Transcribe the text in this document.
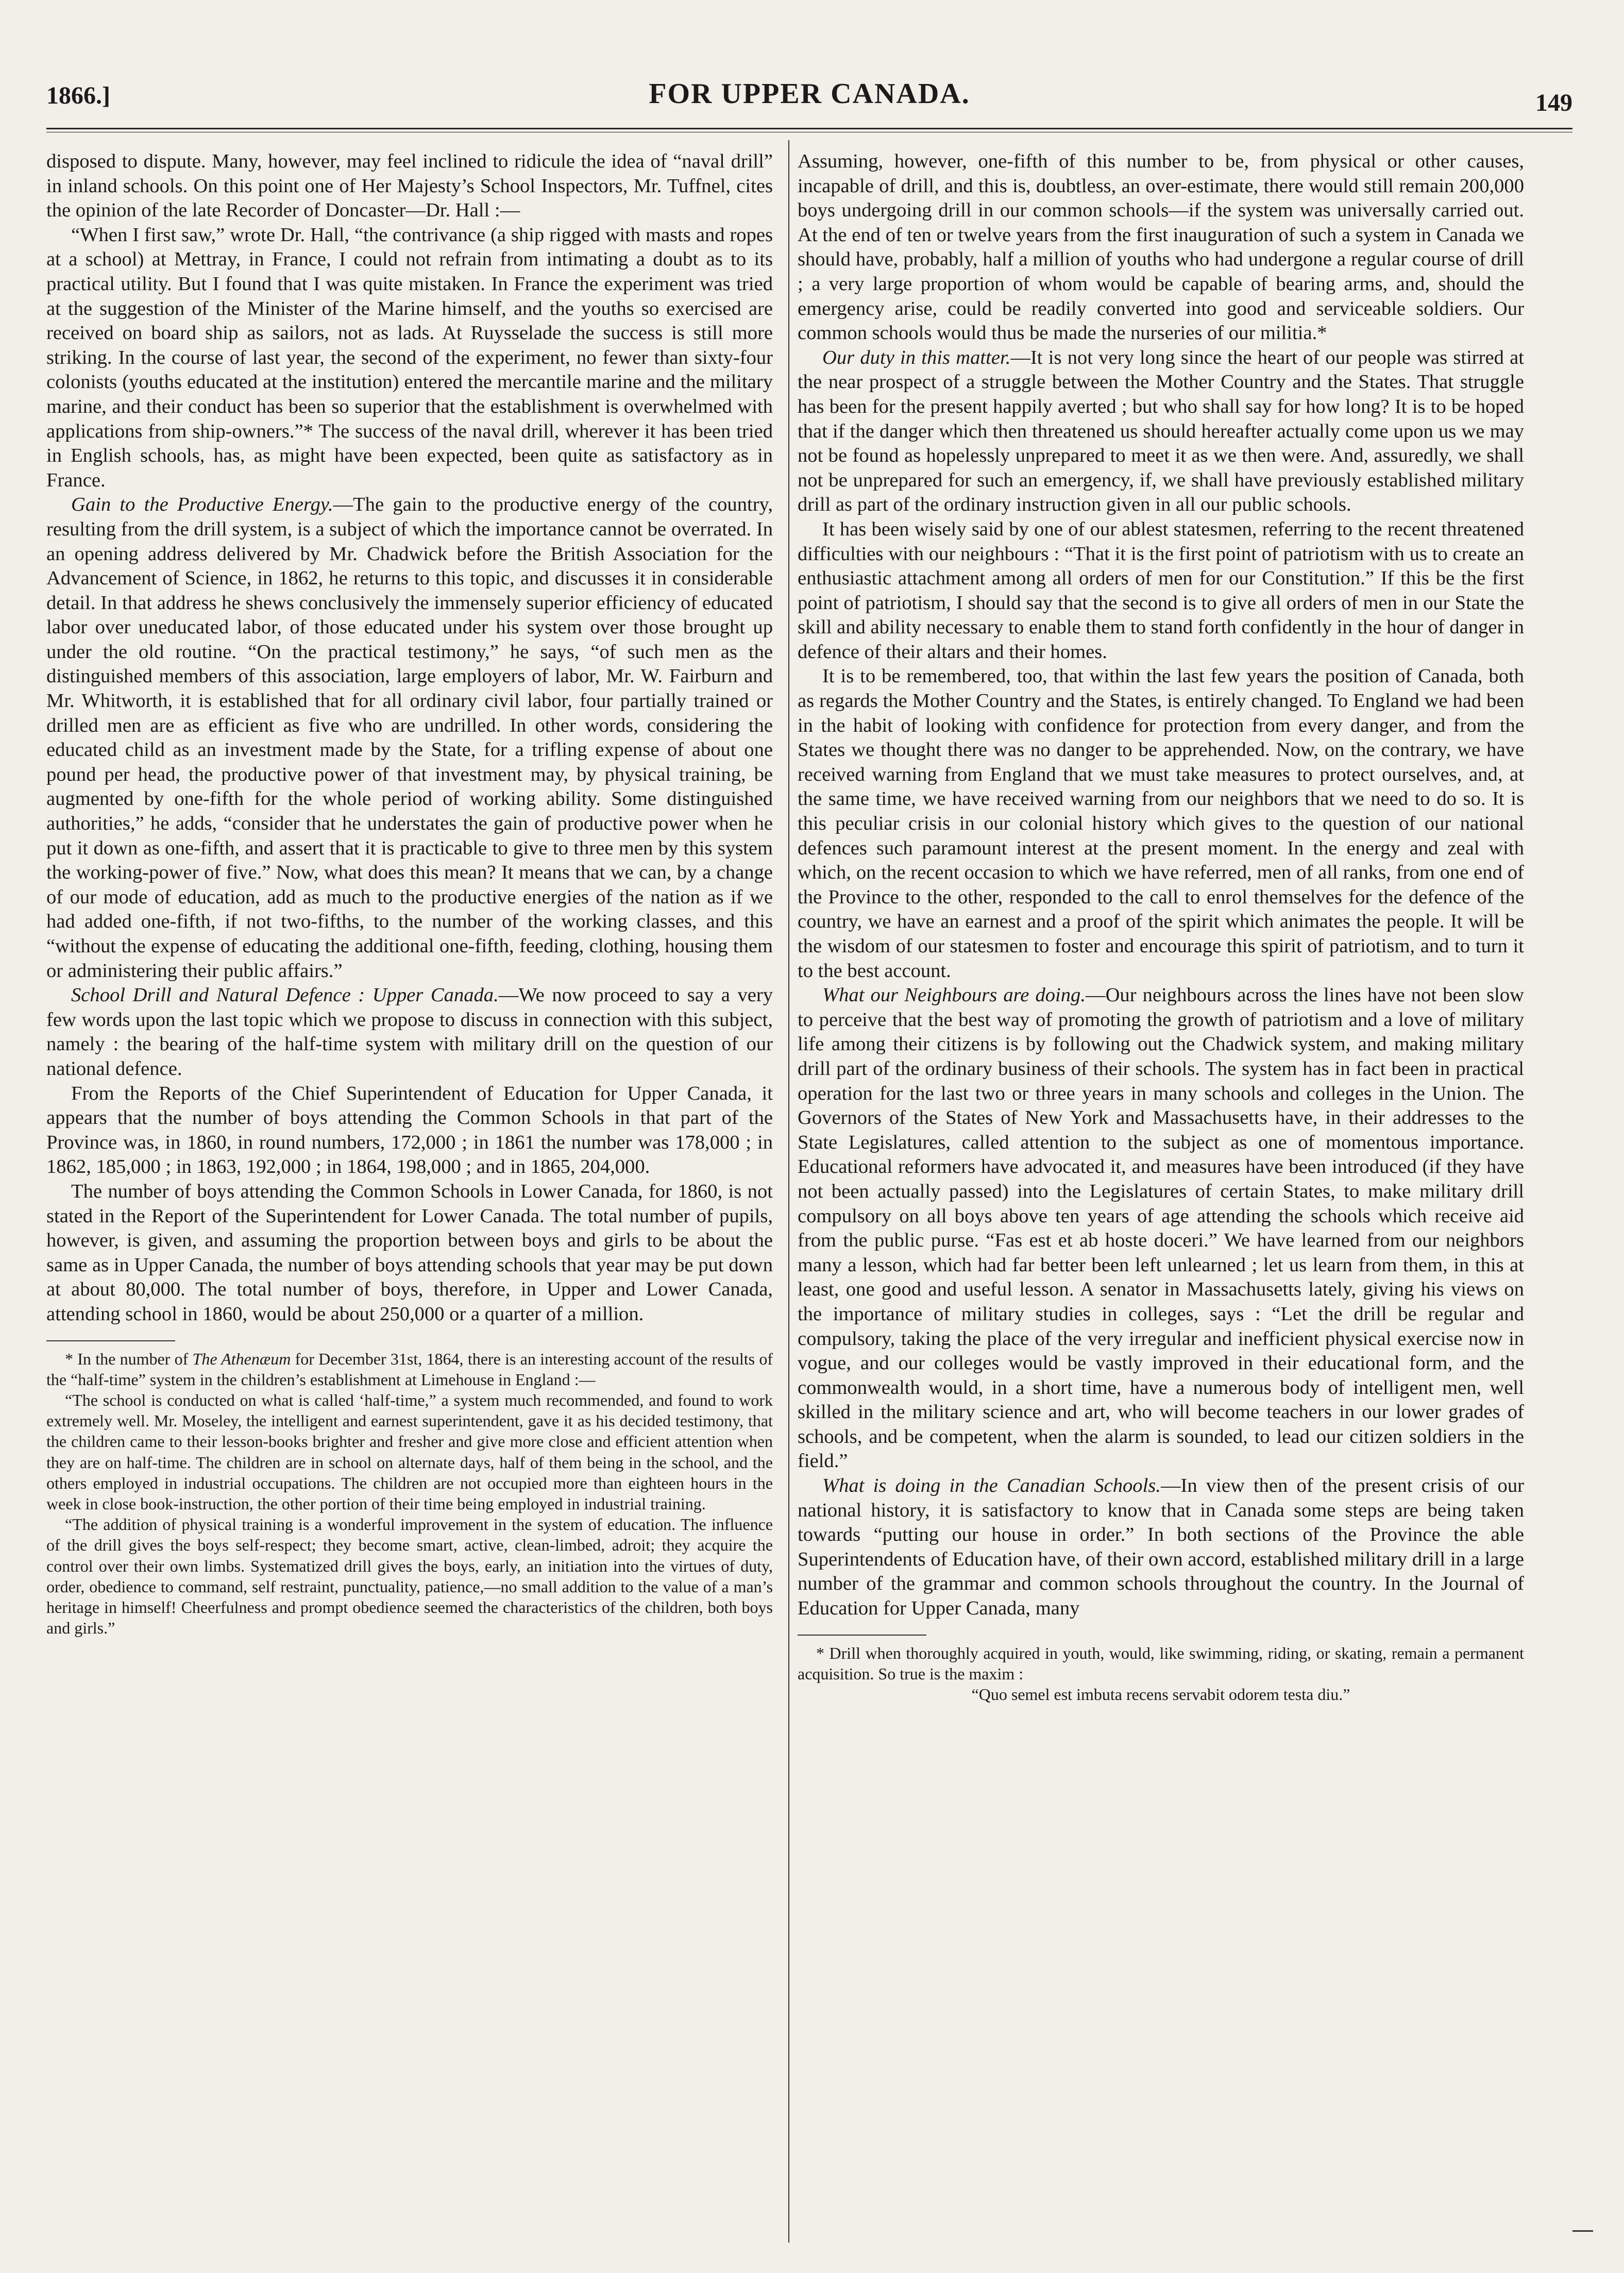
1866.]	FOR UPPER CANADA.	149

disposed to dispute. Many, however, may feel inclined to ridicule the idea of “naval drill” in inland schools. On this point one of Her Majesty’s School Inspectors, Mr. Tuffnel, cites the opinion of the late Recorder of Doncaster—Dr. Hall :—

“When I first saw,” wrote Dr. Hall, “the contrivance (a ship rigged with masts and ropes at a school) at Mettray, in France, I could not refrain from intimating a doubt as to its practical utility. But I found that I was quite mistaken. In France the experiment was tried at the suggestion of the Minister of the Marine himself, and the youths so exercised are received on board ship as sailors, not as lads. At Ruysselade the success is still more striking. In the course of last year, the second of the experiment, no fewer than sixty-four colonists (youths educated at the institution) entered the mercantile marine and the military marine, and their conduct has been so superior that the establishment is overwhelmed with applications from ship-owners.”* The success of the naval drill, wherever it has been tried in English schools, has, as might have been expected, been quite as satisfactory as in France.

Gain to the Productive Energy.—The gain to the productive energy of the country, resulting from the drill system, is a subject of which the importance cannot be overrated. In an opening address delivered by Mr. Chadwick before the British Association for the Advancement of Science, in 1862, he returns to this topic, and discusses it in considerable detail. In that address he shews conclusively the immensely superior efficiency of educated labor over uneducated labor, of those educated under his system over those brought up under the old routine. “On the practical testimony,” he says, “of such men as the distinguished members of this association, large employers of labor, Mr. W. Fairburn and Mr. Whitworth, it is established that for all ordinary civil labor, four partially trained or drilled men are as efficient as five who are undrilled. In other words, considering the educated child as an investment made by the State, for a trifling expense of about one pound per head, the productive power of that investment may, by physical training, be augmented by one-fifth for the whole period of working ability. Some distinguished authorities,” he adds, “consider that he understates the gain of productive power when he put it down as one-fifth, and assert that it is practicable to give to three men by this system the working-power of five.” Now, what does this mean? It means that we can, by a change of our mode of education, add as much to the productive energies of the nation as if we had added one-fifth, if not two-fifths, to the number of the working classes, and this “without the expense of educating the additional one-fifth, feeding, clothing, housing them or administering their public affairs.”

School Drill and Natural Defence : Upper Canada.—We now proceed to say a very few words upon the last topic which we propose to discuss in connection with this subject, namely : the bearing of the half-time system with military drill on the question of our national defence.

From the Reports of the Chief Superintendent of Education for Upper Canada, it appears that the number of boys attending the Common Schools in that part of the Province was, in 1860, in round numbers, 172,000 ; in 1861 the number was 178,000 ; in 1862, 185,000 ; in 1863, 192,000 ; in 1864, 198,000 ; and in 1865, 204,000.

The number of boys attending the Common Schools in Lower Canada, for 1860, is not stated in the Report of the Superintendent for Lower Canada. The total number of pupils, however, is given, and assuming the proportion between boys and girls to be about the same as in Upper Canada, the number of boys attending schools that year may be put down at about 80,000. The total number of boys, therefore, in Upper and Lower Canada, attending school in 1860, would be about 250,000 or a quarter of a million.

* In the number of The Athenæum for December 31st, 1864, there is an interesting account of the results of the “half-time” system in the children’s establishment at Limehouse in England :—

“The school is conducted on what is called ‘half-time,” a system much recommended, and found to work extremely well. Mr. Moseley, the intelligent and earnest superintendent, gave it as his decided testimony, that the children came to their lesson-books brighter and fresher and give more close and efficient attention when they are on half-time. The children are in school on alternate days, half of them being in the school, and the others employed in industrial occupations. The children are not occupied more than eighteen hours in the week in close book-instruction, the other portion of their time being employed in industrial training.

“The addition of physical training is a wonderful improvement in the system of education. The influence of the drill gives the boys self-respect; they become smart, active, clean-limbed, adroit; they acquire the control over their own limbs. Systematized drill gives the boys, early, an initiation into the virtues of duty, order, obedience to command, self restraint, punctuality, patience,—no small addition to the value of a man’s heritage in himself! Cheerfulness and prompt obedience seemed the characteristics of the children, both boys and girls.”

Assuming, however, one-fifth of this number to be, from physical or other causes, incapable of drill, and this is, doubtless, an over-estimate, there would still remain 200,000 boys undergoing drill in our common schools—if the system was universally carried out. At the end of ten or twelve years from the first inauguration of such a system in Canada we should have, probably, half a million of youths who had undergone a regular course of drill ; a very large proportion of whom would be capable of bearing arms, and, should the emergency arise, could be readily converted into good and serviceable soldiers. Our common schools would thus be made the nurseries of our militia.*

Our duty in this matter.—It is not very long since the heart of our people was stirred at the near prospect of a struggle between the Mother Country and the States. That struggle has been for the present happily averted ; but who shall say for how long? It is to be hoped that if the danger which then threatened us should hereafter actually come upon us we may not be found as hopelessly unprepared to meet it as we then were. And, assuredly, we shall not be unprepared for such an emergency, if, we shall have previously established military drill as part of the ordinary instruction given in all our public schools.

It has been wisely said by one of our ablest statesmen, referring to the recent threatened difficulties with our neighbours : “That it is the first point of patriotism with us to create an enthusiastic attachment among all orders of men for our Constitution.” If this be the first point of patriotism, I should say that the second is to give all orders of men in our State the skill and ability necessary to enable them to stand forth confidently in the hour of danger in defence of their altars and their homes.

It is to be remembered, too, that within the last few years the position of Canada, both as regards the Mother Country and the States, is entirely changed. To England we had been in the habit of looking with confidence for protection from every danger, and from the States we thought there was no danger to be apprehended. Now, on the contrary, we have received warning from England that we must take measures to protect ourselves, and, at the same time, we have received warning from our neighbors that we need to do so. It is this peculiar crisis in our colonial history which gives to the question of our national defences such paramount interest at the present moment. In the energy and zeal with which, on the recent occasion to which we have referred, men of all ranks, from one end of the Province to the other, responded to the call to enrol themselves for the defence of the country, we have an earnest and a proof of the spirit which animates the people. It will be the wisdom of our statesmen to foster and encourage this spirit of patriotism, and to turn it to the best account.

What our Neighbours are doing.—Our neighbours across the lines have not been slow to perceive that the best way of promoting the growth of patriotism and a love of military life among their citizens is by following out the Chadwick system, and making military drill part of the ordinary business of their schools. The system has in fact been in practical operation for the last two or three years in many schools and colleges in the Union. The Governors of the States of New York and Massachusetts have, in their addresses to the State Legislatures, called attention to the subject as one of momentous importance. Educational reformers have advocated it, and measures have been introduced (if they have not been actually passed) into the Legislatures of certain States, to make military drill compulsory on all boys above ten years of age attending the schools which receive aid from the public purse. “Fas est et ab hoste doceri.” We have learned from our neighbors many a lesson, which had far better been left unlearned ; let us learn from them, in this at least, one good and useful lesson. A senator in Massachusetts lately, giving his views on the importance of military studies in colleges, says : “Let the drill be regular and compulsory, taking the place of the very irregular and inefficient physical exercise now in vogue, and our colleges would be vastly improved in their educational form, and the commonwealth would, in a short time, have a numerous body of intelligent men, well skilled in the military science and art, who will become teachers in our lower grades of schools, and be competent, when the alarm is sounded, to lead our citizen soldiers in the field.”

What is doing in the Canadian Schools.—In view then of the present crisis of our national history, it is satisfactory to know that in Canada some steps are being taken towards “putting our house in order.” In both sections of the Province the able Superintendents of Education have, of their own accord, established military drill in a large number of the grammar and common schools throughout the country. In the Journal of Education for Upper Canada, many

* Drill when thoroughly acquired in youth, would, like swimming, riding, or skating, remain a permanent acquisition. So true is the maxim :

“Quo semel est imbuta recens servabit odorem testa diu.”
